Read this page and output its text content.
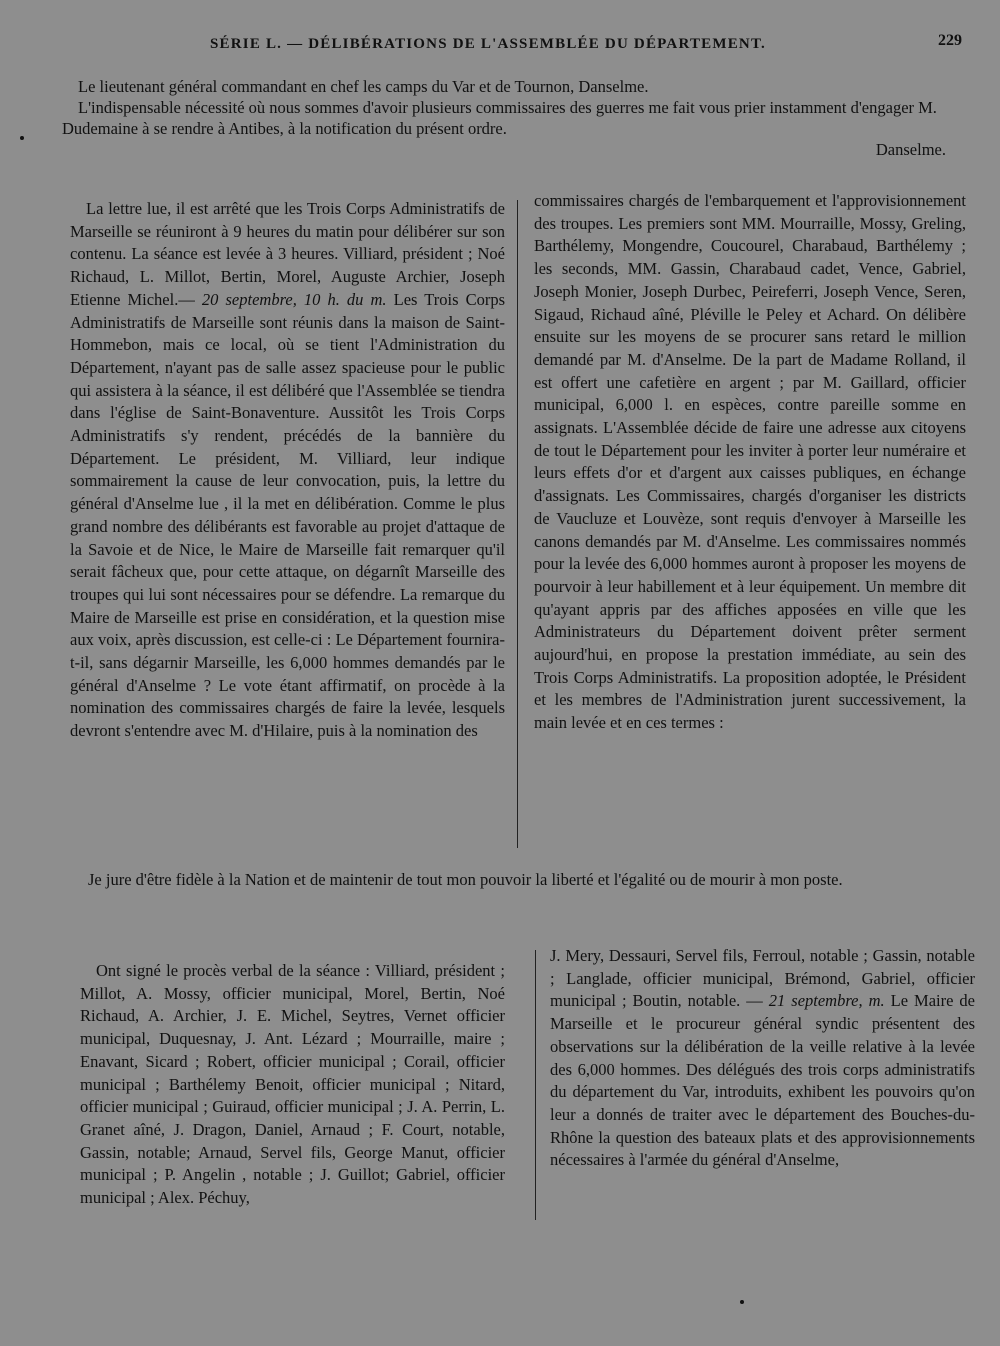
SÉRIE L. — DÉLIBÉRATIONS DE L'ASSEMBLÉE DU DÉPARTEMENT.	229

Le lieutenant général commandant en chef les camps du Var et de Tournon, Danselme.

L'indispensable nécessité où nous sommes d'avoir plusieurs commissaires des guerres me fait vous prier instamment d'engager M. Dudemaine à se rendre à Antibes, à la notification du présent ordre.

Danselme.

La lettre lue, il est arrêté que les Trois Corps Administratifs de Marseille se réuniront à 9 heures du matin pour délibérer sur son contenu. La séance est levée à 3 heures. Villiard, président ; Noé Richaud, L. Millot, Bertin, Morel, Auguste Archier, Joseph Etienne Michel.— 20 septembre, 10 h. du m. Les Trois Corps Administratifs de Marseille sont réunis dans la maison de Saint-Hommebon, mais ce local, où se tient l'Administration du Département, n'ayant pas de salle assez spacieuse pour le public qui assistera à la séance, il est délibéré que l'Assemblée se tiendra dans l'église de Saint-Bonaventure. Aussitôt les Trois Corps Administratifs s'y rendent, précédés de la bannière du Département. Le président, M. Villiard, leur indique sommairement la cause de leur convocation, puis, la lettre du général d'Anselme lue , il la met en délibération. Comme le plus grand nombre des délibérants est favorable au projet d'attaque de la Savoie et de Nice, le Maire de Marseille fait remarquer qu'il serait fâcheux que, pour cette attaque, on dégarnît Marseille des troupes qui lui sont nécessaires pour se défendre. La remarque du Maire de Marseille est prise en considération, et la question mise aux voix, après discussion, est celle-ci : Le Département fournira-t-il, sans dégarnir Marseille, les 6,000 hommes demandés par le général d'Anselme ? Le vote étant affirmatif, on procède à la nomination des commissaires chargés de faire la levée, lesquels devront s'entendre avec M. d'Hilaire, puis à la nomination des

commissaires chargés de l'embarquement et l'approvisionnement des troupes. Les premiers sont MM. Mourraille, Mossy, Greling, Barthélemy, Mongendre, Coucourel, Charabaud, Barthélemy ; les seconds, MM. Gassin, Charabaud cadet, Vence, Gabriel, Joseph Monier, Joseph Durbec, Peireferri, Joseph Vence, Seren, Sigaud, Richaud aîné, Pléville le Peley et Achard. On délibère ensuite sur les moyens de se procurer sans retard le million demandé par M. d'Anselme. De la part de Madame Rolland, il est offert une cafetière en argent ; par M. Gaillard, officier municipal, 6,000 l. en espèces, contre pareille somme en assignats. L'Assemblée décide de faire une adresse aux citoyens de tout le Département pour les inviter à porter leur numéraire et leurs effets d'or et d'argent aux caisses publiques, en échange d'assignats. Les Commissaires, chargés d'organiser les districts de Vaucluze et Louvèze, sont requis d'envoyer à Marseille les canons demandés par M. d'Anselme. Les commissaires nommés pour la levée des 6,000 hommes auront à proposer les moyens de pourvoir à leur habillement et à leur équipement. Un membre dit qu'ayant appris par des affiches apposées en ville que les Administrateurs du Département doivent prêter serment aujourd'hui, en propose la prestation immédiate, au sein des Trois Corps Administratifs. La proposition adoptée, le Président et les membres de l'Administration jurent successivement, la main levée et en ces termes :

Je jure d'être fidèle à la Nation et de maintenir de tout mon pouvoir la liberté et l'égalité ou de mourir à mon poste.

Ont signé le procès verbal de la séance : Villiard, président ; Millot, A. Mossy, officier municipal, Morel, Bertin, Noé Richaud, A. Archier, J. E. Michel, Seytres, Vernet officier municipal, Duquesnay, J. Ant. Lézard ; Mourraille, maire ; Enavant, Sicard ; Robert, officier municipal ; Corail, officier municipal ; Barthélemy Benoit, officier municipal ; Nitard, officier municipal ; Guiraud, officier municipal ; J. A. Perrin, L. Granet aîné, J. Dragon, Daniel, Arnaud ; F. Court, notable, Gassin, notable; Arnaud, Servel fils, George Manut, officier municipal ; P. Angelin , notable ; J. Guillot; Gabriel, officier municipal ; Alex. Péchuy,

J. Mery, Dessauri, Servel fils, Ferroul, notable ; Gassin, notable ; Langlade, officier municipal, Brémond, Gabriel, officier municipal ; Boutin, notable. — 21 septembre, m. Le Maire de Marseille et le procureur général syndic présentent des observations sur la délibération de la veille relative à la levée des 6,000 hommes. Des délégués des trois corps administratifs du département du Var, introduits, exhibent les pouvoirs qu'on leur a donnés de traiter avec le département des Bouches-du-Rhône la question des bateaux plats et des approvisionnements nécessaires à l'armée du général d'Anselme,
